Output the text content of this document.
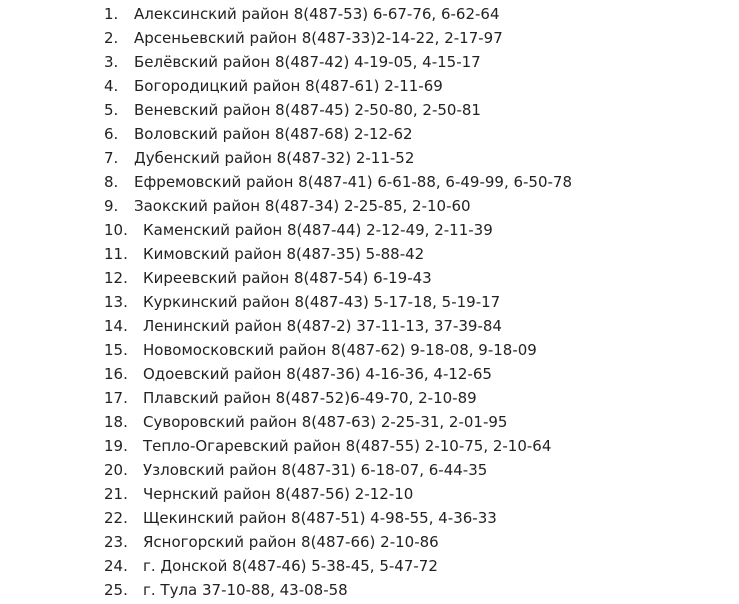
1. Алексинский район 8(487-53) 6-67-76, 6-62-64
2. Арсеньевский район 8(487-33)2-14-22, 2-17-97
3. Белёвский район 8(487-42) 4-19-05, 4-15-17
4. Богородицкий район 8(487-61) 2-11-69
5. Веневский район 8(487-45) 2-50-80, 2-50-81
6. Воловский район 8(487-68) 2-12-62
7. Дубенский район 8(487-32) 2-11-52
8. Ефремовский район 8(487-41) 6-61-88, 6-49-99, 6-50-78
9. Заокский район 8(487-34) 2-25-85, 2-10-60
10. Каменский район 8(487-44) 2-12-49, 2-11-39
11. Кимовский район 8(487-35) 5-88-42
12. Киреевский район 8(487-54) 6-19-43
13. Куркинский район 8(487-43) 5-17-18, 5-19-17
14. Ленинский район 8(487-2) 37-11-13, 37-39-84
15. Новомосковский район 8(487-62) 9-18-08, 9-18-09
16. Одоевский район 8(487-36) 4-16-36, 4-12-65
17. Плавский район 8(487-52)6-49-70, 2-10-89
18. Суворовский район 8(487-63) 2-25-31, 2-01-95
19. Тепло-Огаревский район 8(487-55) 2-10-75, 2-10-64
20. Узловский район 8(487-31) 6-18-07, 6-44-35
21. Чернский район 8(487-56) 2-12-10
22. Щекинский район 8(487-51) 4-98-55, 4-36-33
23. Ясногорский район 8(487-66) 2-10-86
24. г. Донской 8(487-46) 5-38-45, 5-47-72
25. г. Тула 37-10-88, 43-08-58
